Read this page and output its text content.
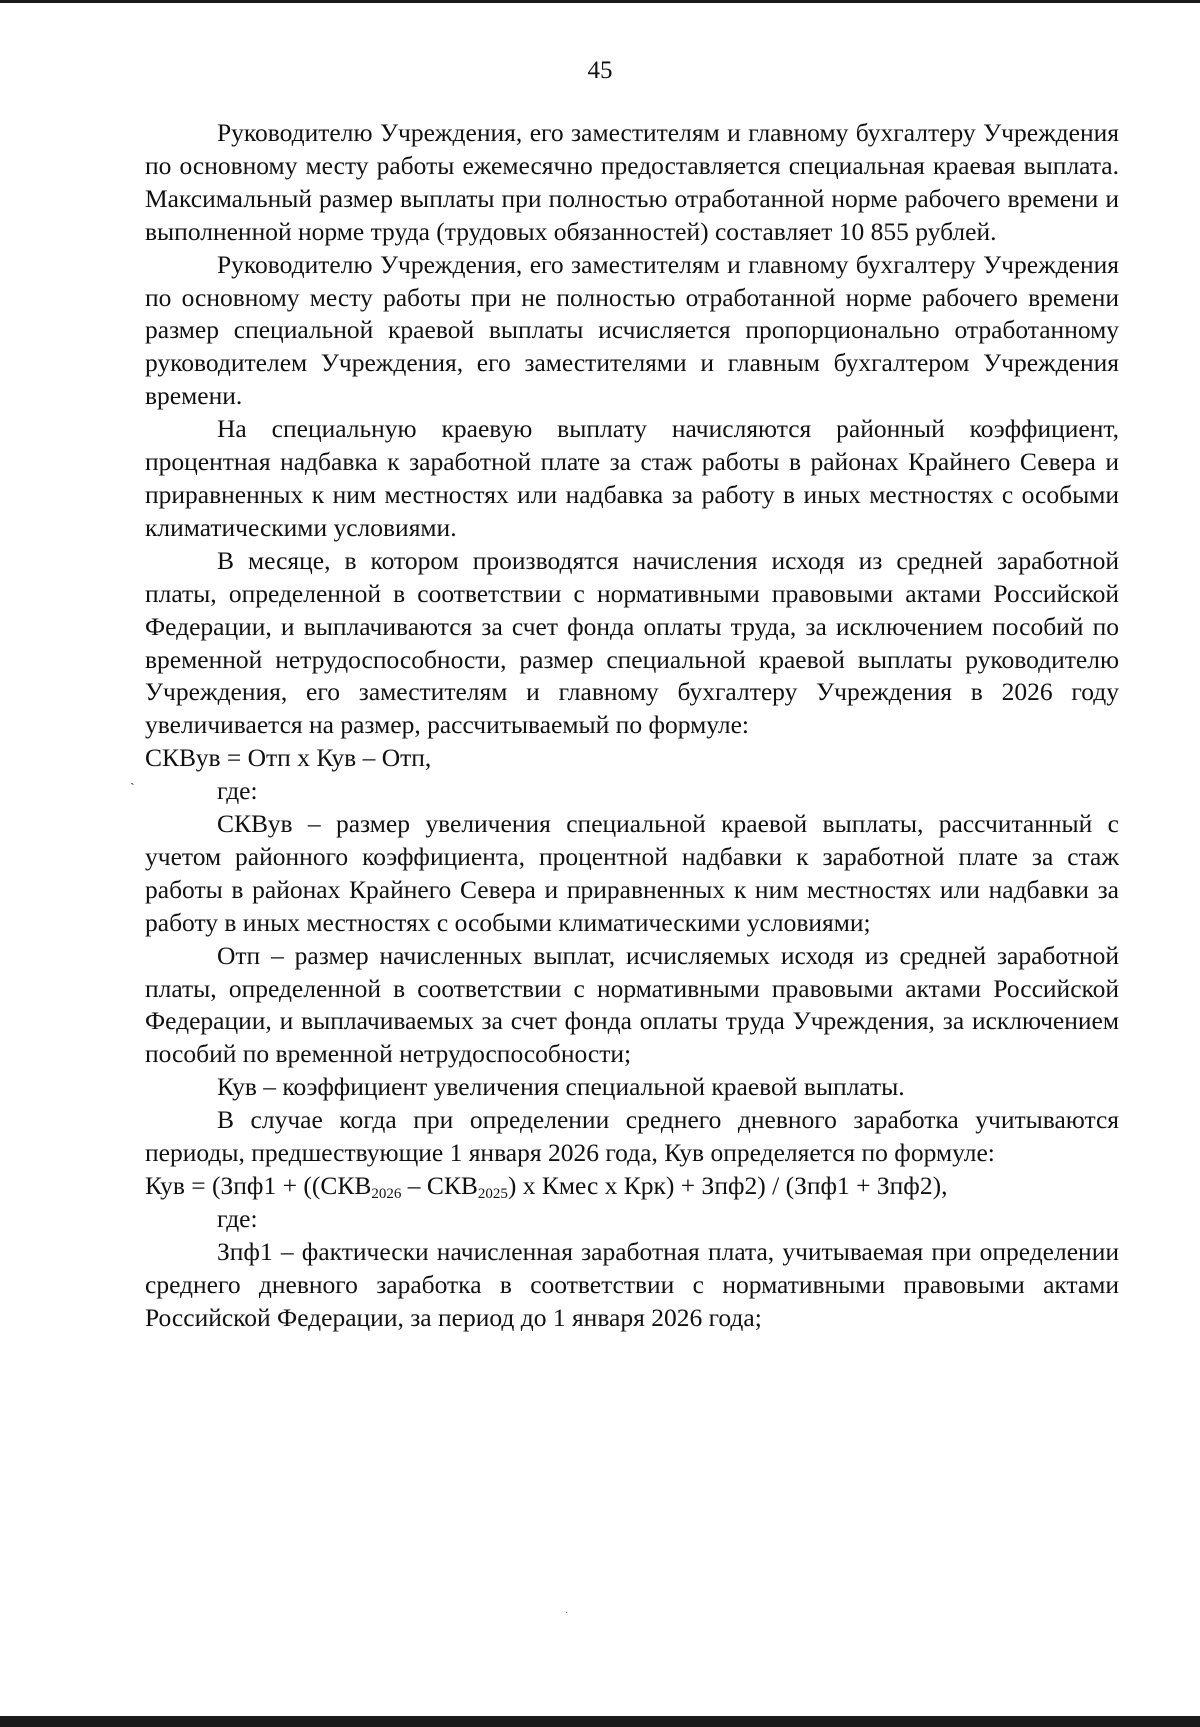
45

Руководителю Учреждения, его заместителям и главному бухгалтеру Учреждения по основному месту работы ежемесячно предоставляется специальная краевая выплата. Максимальный размер выплаты при полностью отработанной норме рабочего времени и выполненной норме труда (трудовых обязанностей) составляет 10 855 рублей.

Руководителю Учреждения, его заместителям и главному бухгалтеру Учреждения по основному месту работы при не полностью отработанной норме рабочего времени размер специальной краевой выплаты исчисляется пропорционально отработанному руководителем Учреждения, его заместителями и главным бухгалтером Учреждения времени.

На специальную краевую выплату начисляются районный коэффициент, процентная надбавка к заработной плате за стаж работы в районах Крайнего Севера и приравненных к ним местностях или надбавка за работу в иных местностях с особыми климатическими условиями.

В месяце, в котором производятся начисления исходя из средней заработной платы, определенной в соответствии с нормативными правовыми актами Российской Федерации, и выплачиваются за счет фонда оплаты труда, за исключением пособий по временной нетрудоспособности, размер специальной краевой выплаты руководителю Учреждения, его заместителям и главному бухгалтеру Учреждения в 2026 году увеличивается на размер, рассчитываемый по формуле:

СКВув = Отп х Кув – Отп,

где:

СКВув – размер увеличения специальной краевой выплаты, рассчитанный с учетом районного коэффициента, процентной надбавки к заработной плате за стаж работы в районах Крайнего Севера и приравненных к ним местностях или надбавки за работу в иных местностях с особыми климатическими условиями;

Отп – размер начисленных выплат, исчисляемых исходя из средней заработной платы, определенной в соответствии с нормативными правовыми актами Российской Федерации, и выплачиваемых за счет фонда оплаты труда Учреждения, за исключением пособий по временной нетрудоспособности;

Кув – коэффициент увеличения специальной краевой выплаты.

В случае когда при определении среднего дневного заработка учитываются периоды, предшествующие 1 января 2026 года, Кув определяется по формуле:

Кув = ($Зпф1 + ((СКВ_{2026} - СКВ_{2025})$ х Кмес х Крк) + Зпф2) / (Зпф1 + Зпф2),

где:

Зпф1 – фактически начисленная заработная плата, учитываемая при определении среднего дневного заработка в соответствии с нормативными правовыми актами Российской Федерации, за период до 1 января 2026 года;

ˎ
·
